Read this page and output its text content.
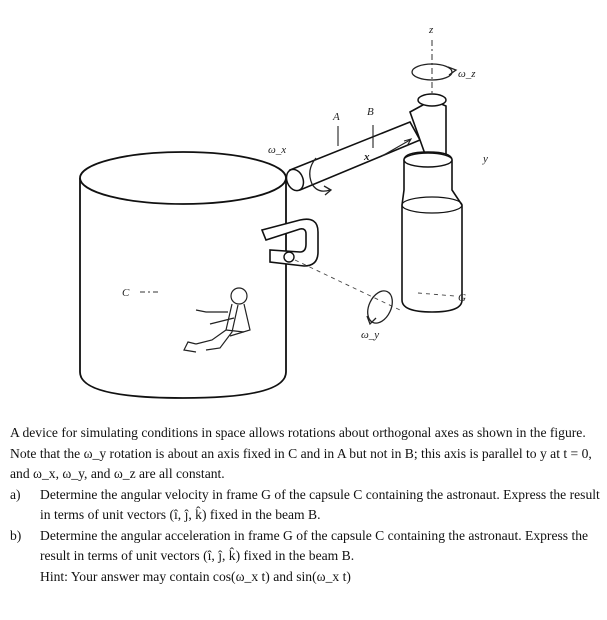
z
ω_z
A B
x	y
ω_x
ω_y
C	G

A device for simulating conditions in space allows rotations about orthogonal axes as shown in the figure. Note that the ω_y rotation is about an axis fixed in C and in A but not in B; this axis is parallel to y at t = 0, and ω_x, ω_y, and ω_z are all constant.

a) Determine the angular velocity in frame G of the capsule C containing the astronaut. Express the result in terms of unit vectors (î, ĵ, k̂) fixed in the beam B.

b) Determine the angular acceleration in frame G of the capsule C containing the astronaut. Express the result in terms of unit vectors (î, ĵ, k̂) fixed in the beam B.

Hint: Your answer may contain cos(ω_x t) and sin(ω_x t)
